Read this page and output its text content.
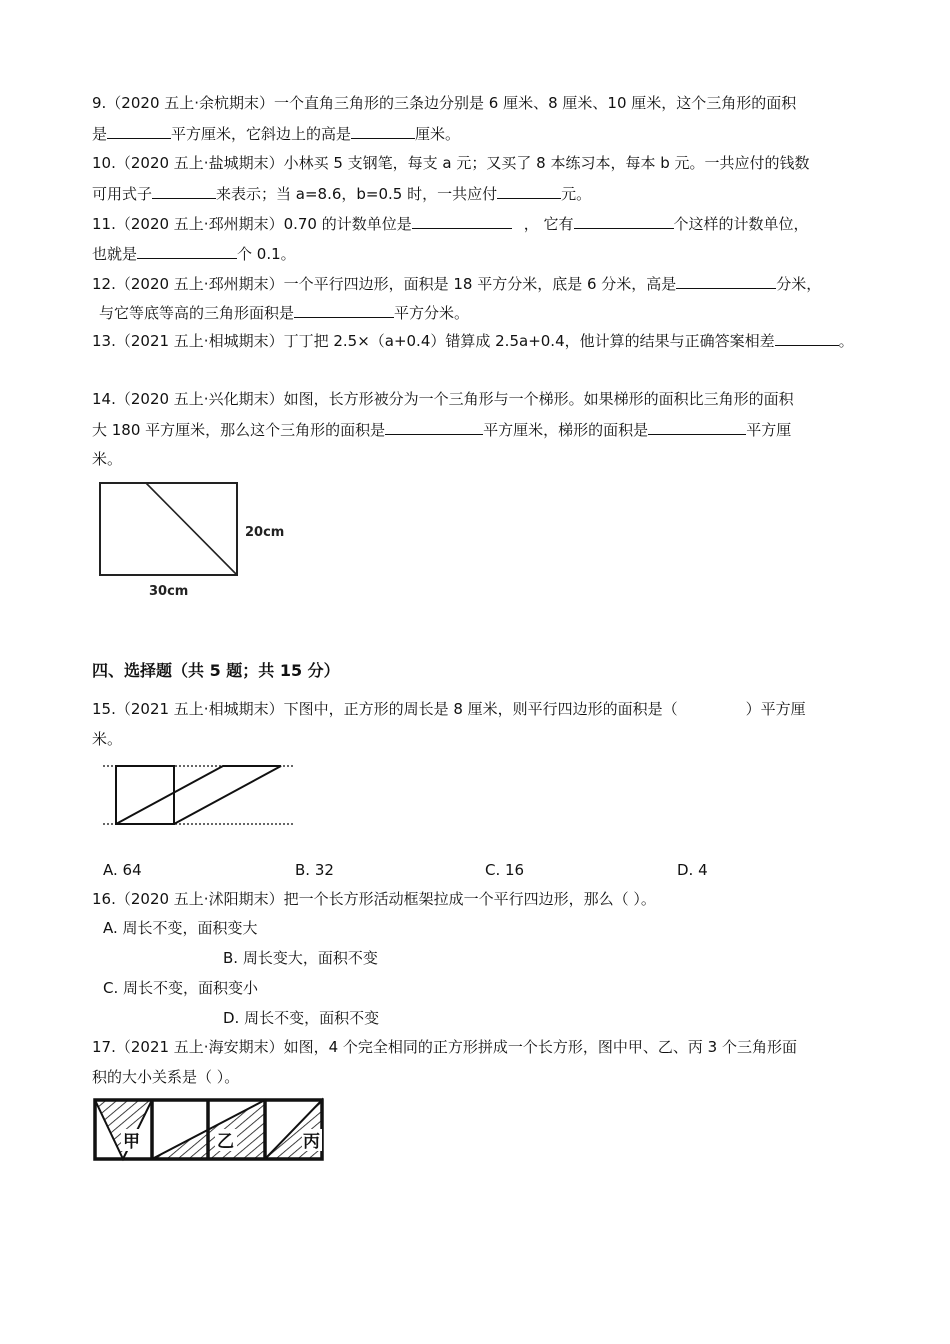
9.（2020 五上·余杭期末）一个直角三角形的三条边分别是 6 厘米、8 厘米、10 厘米，这个三角形的面积
是	平方厘米，它斜边上的高是	厘米。
10.（2020 五上·盐城期末）小林买 5 支钢笔，每支 a 元；又买了 8 本练习本，每本 b 元。一共应付的钱数
可用式子	来表示；当 a=8.6，b=0.5 时，一共应付	元。
11.（2020 五上·邳州期末）0.70 的计数单位是	， 它有	个这样的计数单位，
也就是	个 0.1。
12.（2020 五上·邳州期末）一个平行四边形，面积是 18 平方分米，底是 6 分米，高是	分米，
与它等底等高的三角形面积是	平方分米。
13.（2021 五上·相城期末）丁丁把 2.5×（a+0.4）错算成 2.5a+0.4，他计算的结果与正确答案相差	。
14.（2020 五上·兴化期末）如图，长方形被分为一个三角形与一个梯形。如果梯形的面积比三角形的面积
大 180 平方厘米，那么这个三角形的面积是	平方厘米，梯形的面积是	平方厘
米。
20cm
30cm
四、选择题（共 5 题；共 15 分）
15.（2021 五上·相城期末）下图中，正方形的周长是 8 厘米，则平行四边形的面积是（	）平方厘
米。
A. 64	B. 32	C. 16	D. 4
16.（2020 五上·沭阳期末）把一个长方形活动框架拉成一个平行四边形，那么（ ）。
A. 周长不变，面积变大
B. 周长变大，面积不变
C. 周长不变，面积变小
D. 周长不变，面积不变
17.（2021 五上·海安期末）如图，4 个完全相同的正方形拼成一个长方形，图中甲、乙、丙 3 个三角形面
积的大小关系是（ ）。
甲	乙	丙
